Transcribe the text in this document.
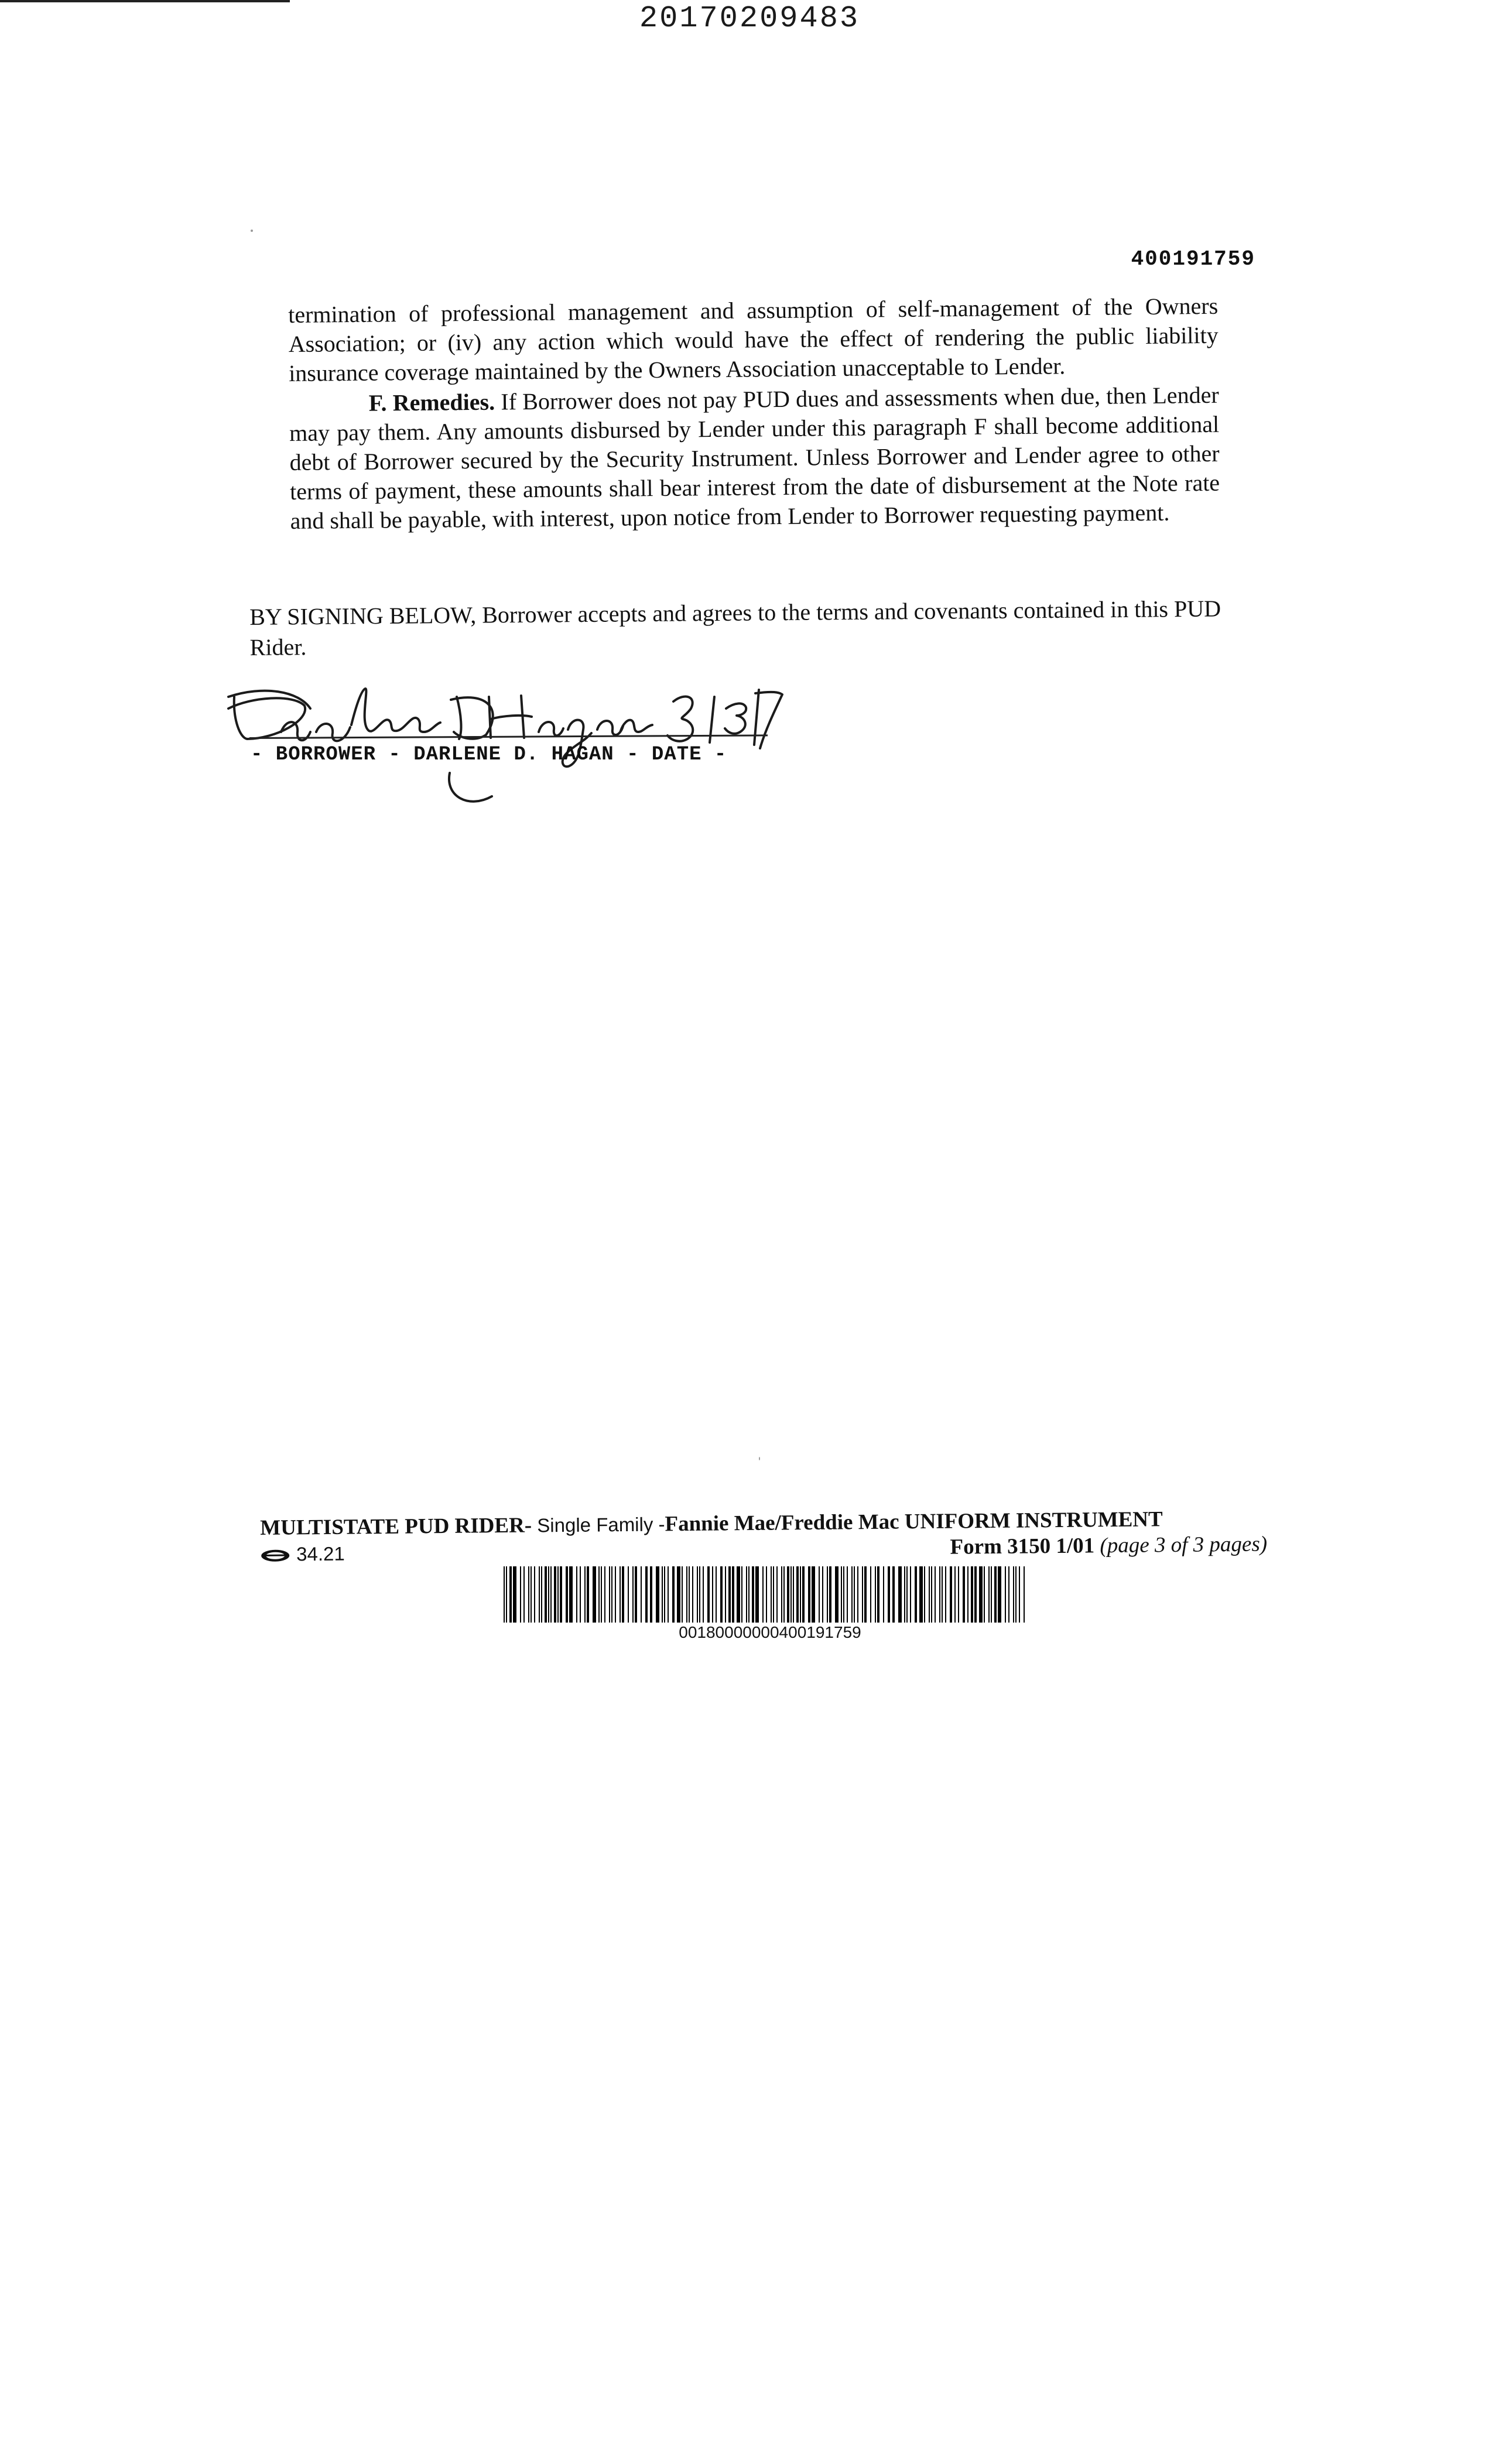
20170209483
400191759

termination of professional management and assumption of self-management of the Owners Association; or (iv) any action which would have the effect of rendering the public liability insurance coverage maintained by the Owners Association unacceptable to Lender.

F. Remedies. If Borrower does not pay PUD dues and assessments when due, then Lender may pay them. Any amounts disbursed by Lender under this paragraph F shall become additional debt of Borrower secured by the Security Instrument. Unless Borrower and Lender agree to other terms of payment, these amounts shall bear interest from the date of disbursement at the Note rate and shall be payable, with interest, upon notice from Lender to Borrower requesting payment.

BY SIGNING BELOW, Borrower accepts and agrees to the terms and covenants contained in this PUD Rider.

- BORROWER - DARLENE D. HAGAN - DATE -
MULTISTATE PUD RIDER- Single Family -Fannie Mae/Freddie Mac UNIFORM INSTRUMENT
34.21	Form 3150 1/01 (page 3 of 3 pages)
00180000000400191759
